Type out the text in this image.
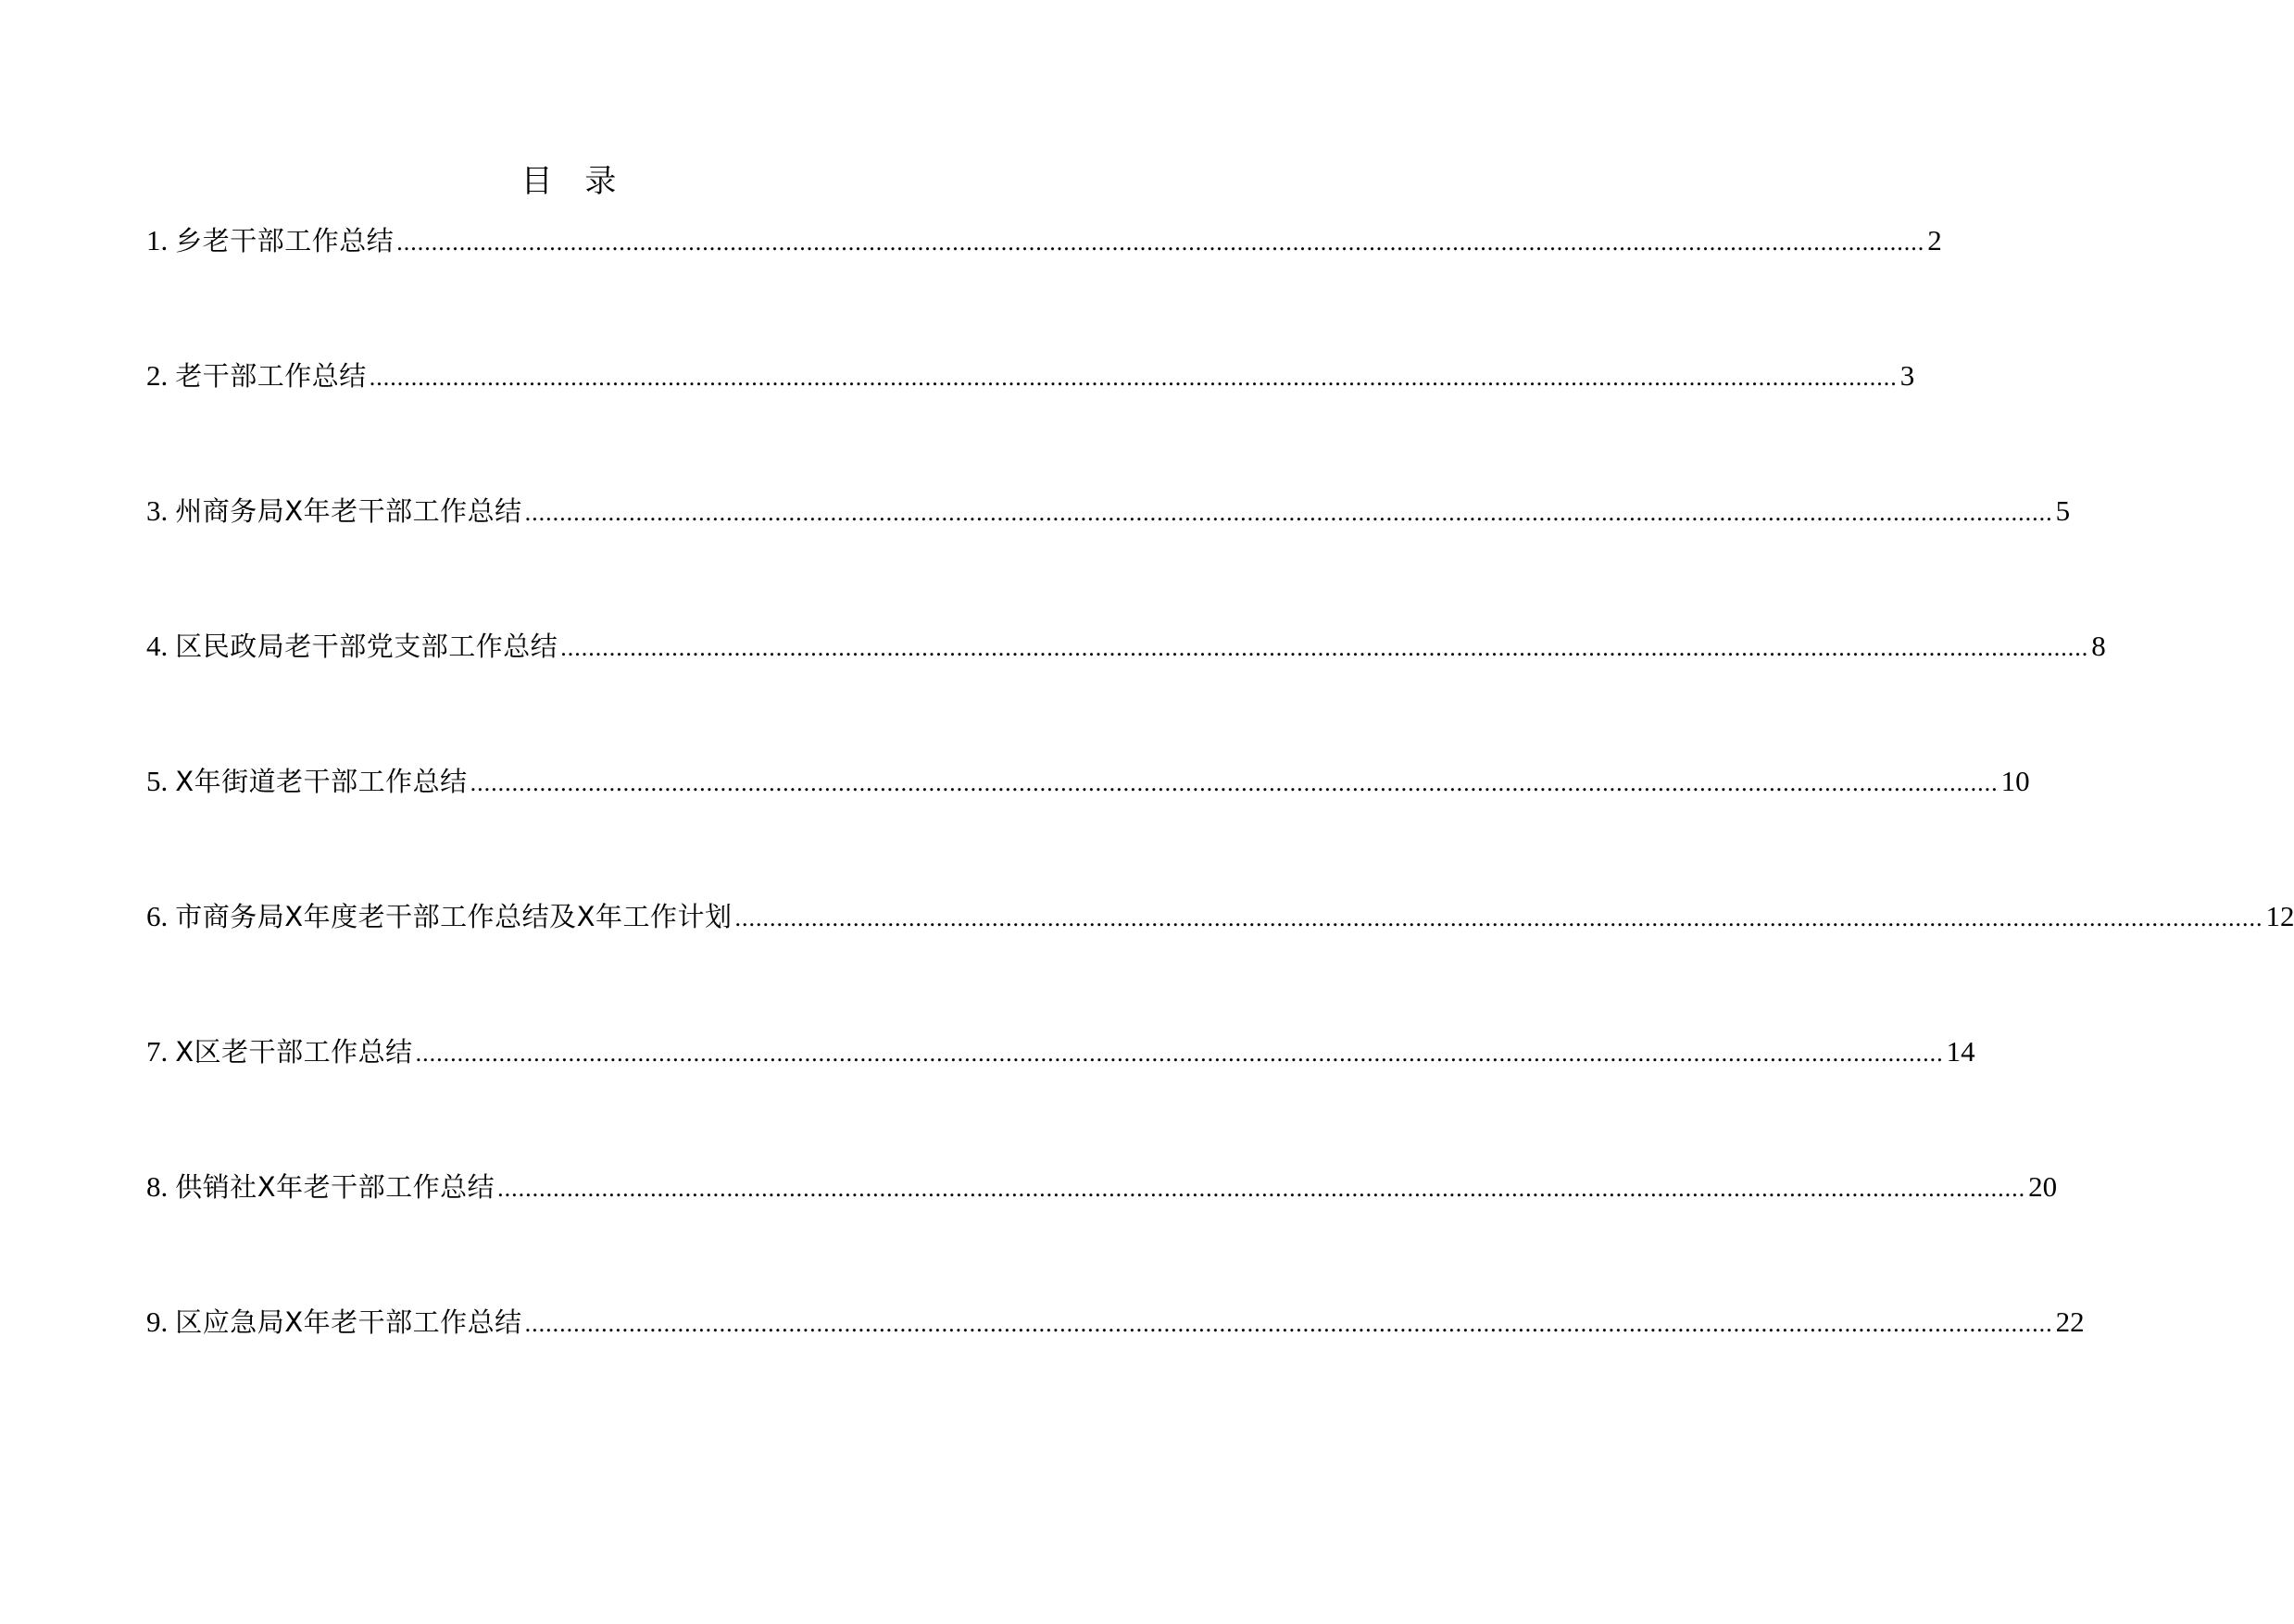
目 录
1. 乡老干部工作总结 ............................................................................................................................................................................................................................ 2
2. 老干部工作总结 ............................................................................................................................................................................................................................ 3
3. 州商务局X年老干部工作总结 ............................................................................................................................................................................................................................ 5
4. 区民政局老干部党支部工作总结 ............................................................................................................................................................................................................................ 8
5. X年街道老干部工作总结 ............................................................................................................................................................................................................................ 10
6. 市商务局X年度老干部工作总结及X年工作计划 ............................................................................................................................................................................................................................ 12
7. X区老干部工作总结 ............................................................................................................................................................................................................................ 14
8. 供销社X年老干部工作总结 ............................................................................................................................................................................................................................ 20
9. 区应急局X年老干部工作总结 ............................................................................................................................................................................................................................ 22
